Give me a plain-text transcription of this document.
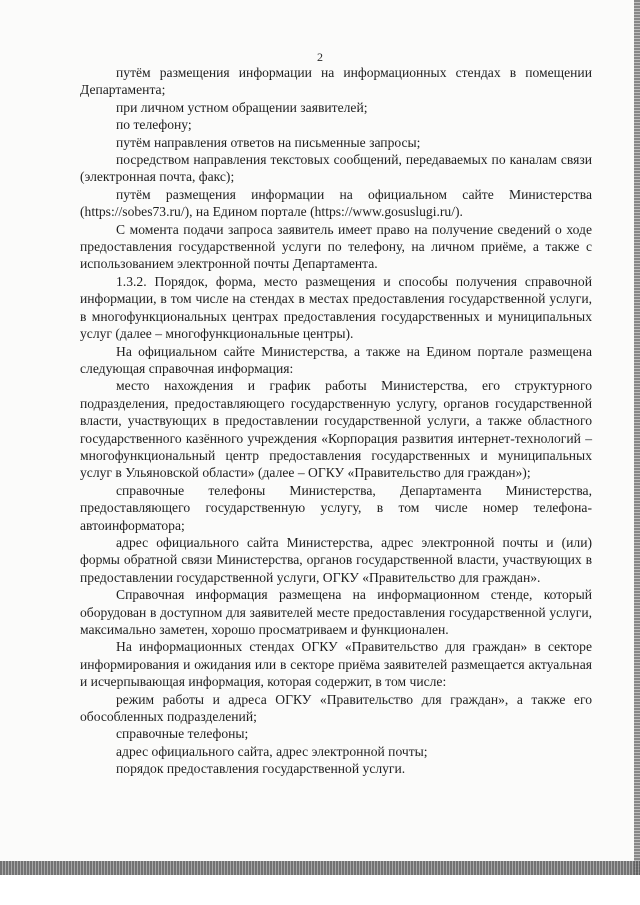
2

путём размещения информации на информационных стендах в помещении Департамента;

при личном устном обращении заявителей;

по телефону;

путём направления ответов на письменные запросы;

посредством направления текстовых сообщений, передаваемых по каналам связи (электронная почта, факс);

путём размещения информации на официальном сайте Министерства (https://sobes73.ru/), на Едином портале (https://www.gosuslugi.ru/).

С момента подачи запроса заявитель имеет право на получение сведений о ходе предоставления государственной услуги по телефону, на личном приёме, а также с использованием электронной почты Департамента.

1.3.2. Порядок, форма, место размещения и способы получения справочной информации, в том числе на стендах в местах предоставления государственной услуги, в многофункциональных центрах предоставления государственных и муниципальных услуг (далее – многофункциональные центры).

На официальном сайте Министерства, а также на Едином портале размещена следующая справочная информация:

место нахождения и график работы Министерства, его структурного подразделения, предоставляющего государственную услугу, органов государственной власти, участвующих в предоставлении государственной услуги, а также областного государственного казённого учреждения «Корпорация развития интернет-технологий – многофункциональный центр предоставления государственных и муниципальных услуг в Ульяновской области» (далее – ОГКУ «Правительство для граждан»);

справочные телефоны Министерства, Департамента Министерства, предоставляющего государственную услугу, в том числе номер телефона-автоинформатора;

адрес официального сайта Министерства, адрес электронной почты и (или) формы обратной связи Министерства, органов государственной власти, участвующих в предоставлении государственной услуги, ОГКУ «Правительство для граждан».

Справочная информация размещена на информационном стенде, который оборудован в доступном для заявителей месте предоставления государственной услуги, максимально заметен, хорошо просматриваем и функционален.

На информационных стендах ОГКУ «Правительство для граждан» в секторе информирования и ожидания или в секторе приёма заявителей размещается актуальная и исчерпывающая информация, которая содержит, в том числе:

режим работы и адреса ОГКУ «Правительство для граждан», а также его обособленных подразделений;

справочные телефоны;

адрес официального сайта, адрес электронной почты;

порядок предоставления государственной услуги.
